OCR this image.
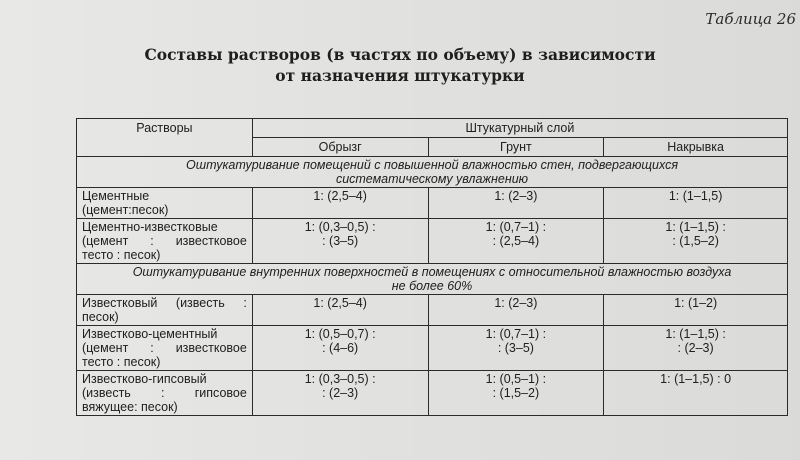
Таблица 26
Составы растворов (в частях по объему) в зависимости
от назначения штукатурки
Растворы	Штукатурный слой		
	Обрызг	Грунт	Накрывка

Оштукатуривание помещений с повышенной влажностью стен, подвергающихся
систематическому увлажнению			

Цементные
(цемент:песок)	1: (2,5–4)	1: (2–3)	1: (1–1,5)

Цементно-известковые
(цемент : известковое
тесто : песок)	1: (0,3–0,5) :
: (3–5)	1: (0,7–1) :
: (2,5–4)	1: (1–1,5) :
: (1,5–2)

Оштукатуривание внутренних поверхностей в помещениях с относительной влажностью воздуха
не более 60%			

Известковый (известь :
песок)	1: (2,5–4)	1: (2–3)	1: (1–2)

Известково-цементный
(цемент : известковое
тесто : песок)	1: (0,5–0,7) :
: (4–6)	1: (0,7–1) :
: (3–5)	1: (1–1,5) :
: (2–3)

Известково-гипсовый
(известь : гипсовое
вяжущее: песок)	1: (0,3–0,5) :
: (2–3)	1: (0,5–1) :
: (1,5–2)	1: (1–1,5) : 0
